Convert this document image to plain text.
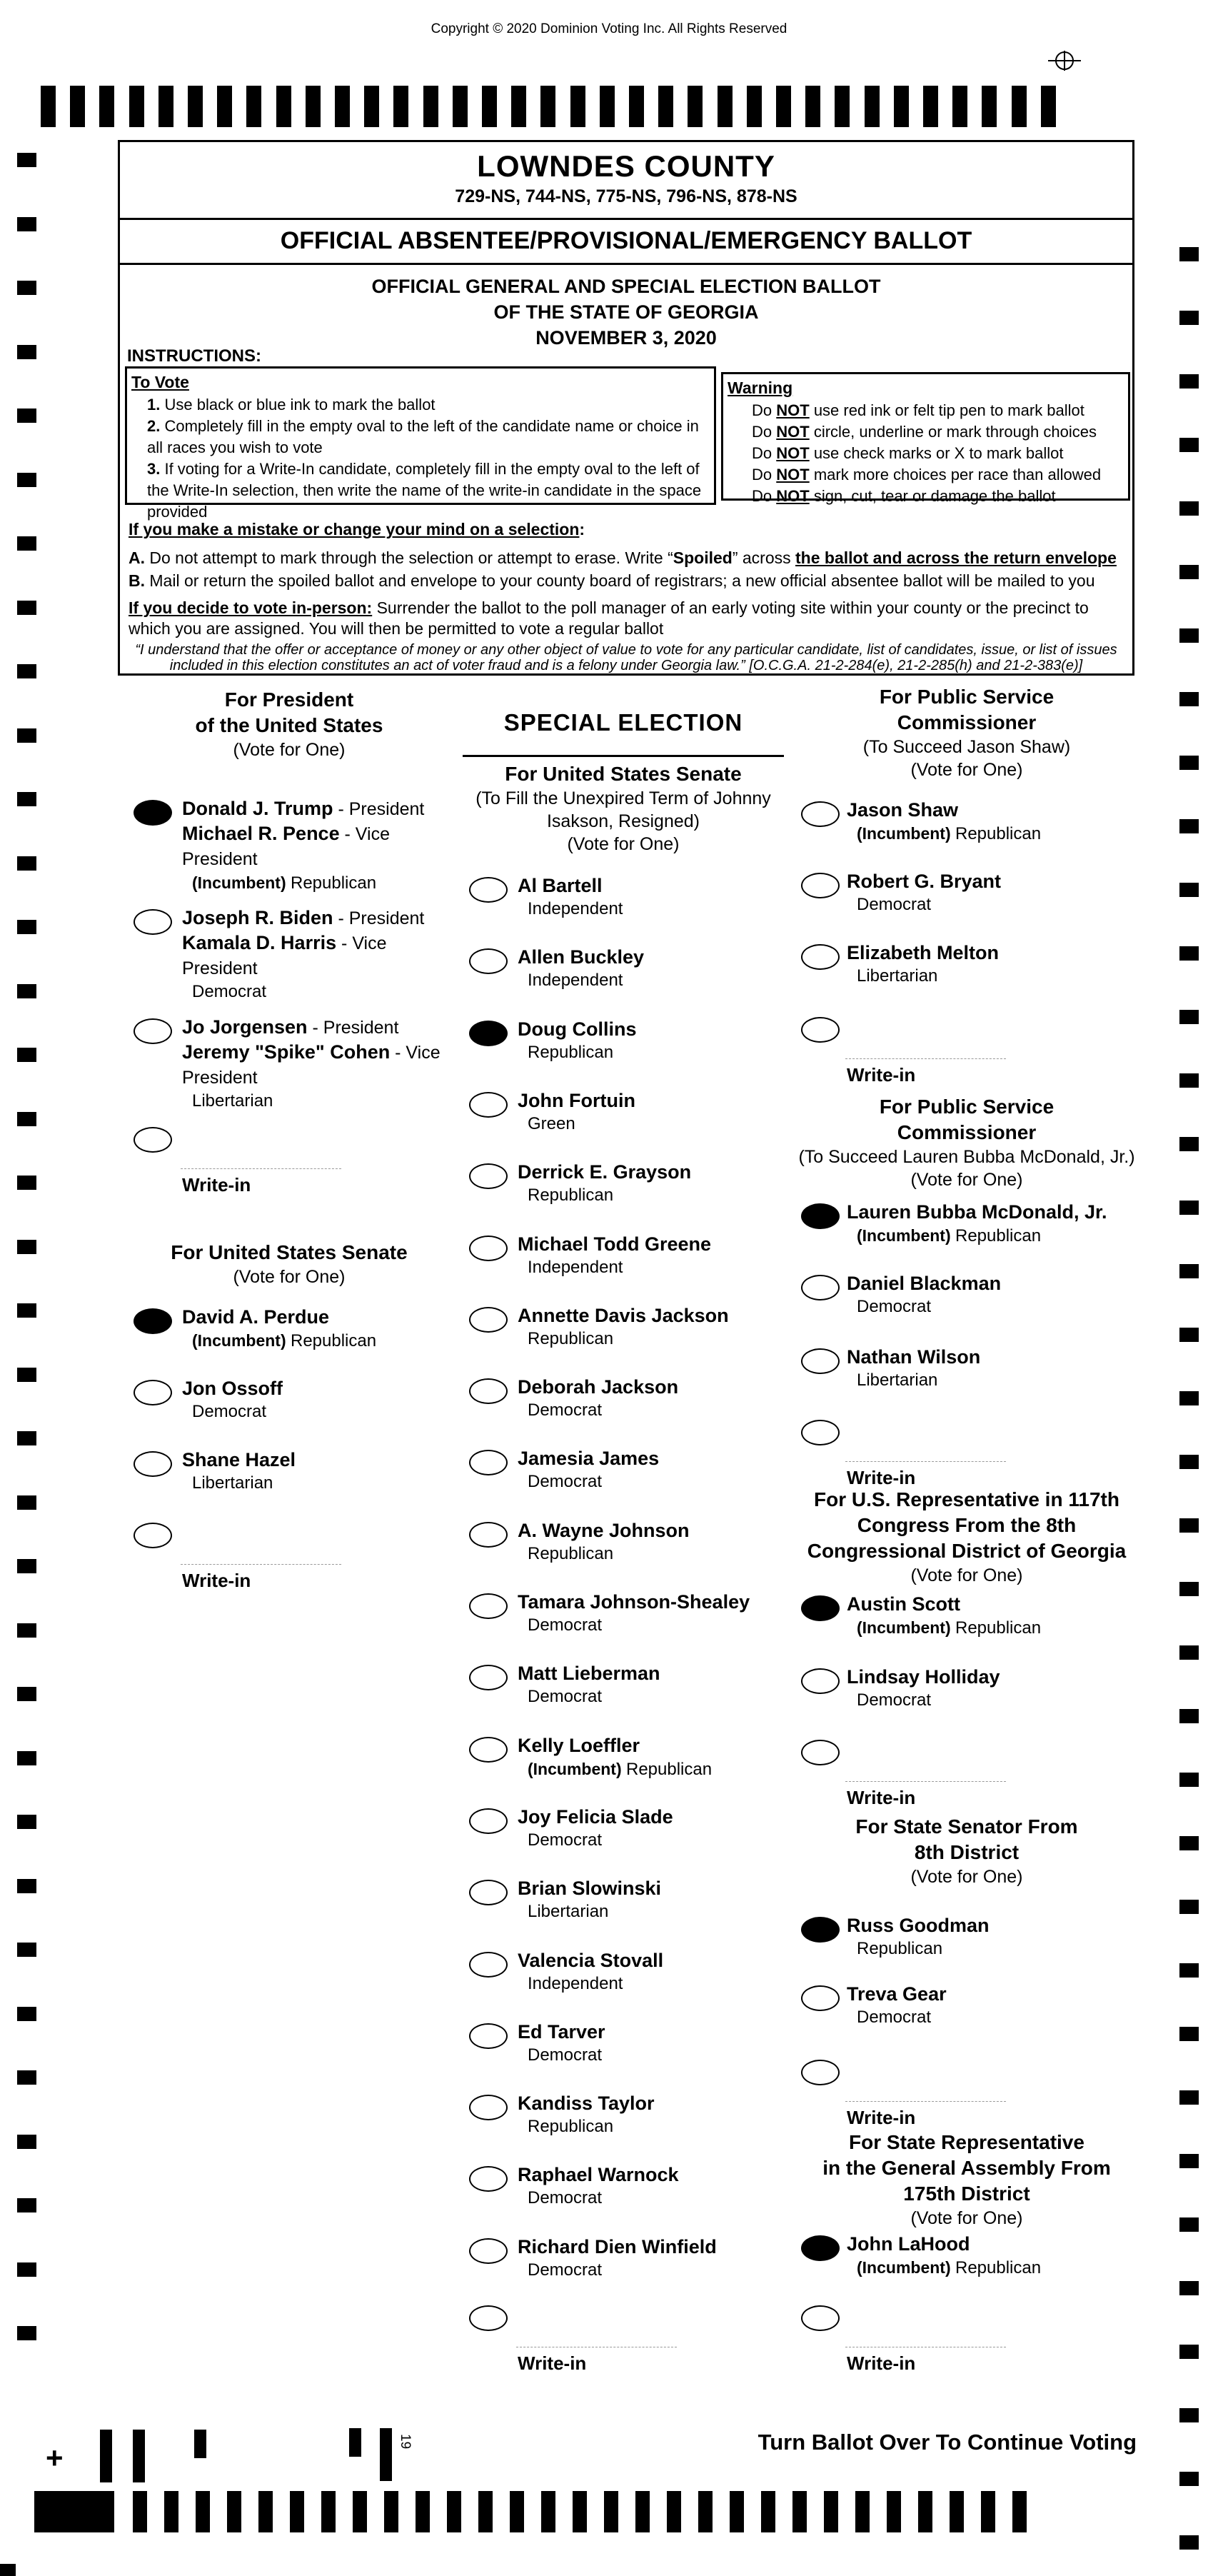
Copyright © 2020 Dominion Voting Inc. All Rights Reserved
LOWNDES COUNTY
729-NS, 744-NS, 775-NS, 796-NS, 878-NS
OFFICIAL ABSENTEE/PROVISIONAL/EMERGENCY BALLOT
OFFICIAL GENERAL AND SPECIAL ELECTION BALLOT
OF THE STATE OF GEORGIA
NOVEMBER 3, 2020
INSTRUCTIONS:
To Vote
1. Use black or blue ink to mark the ballot
2. Completely fill in the empty oval to the left of the candidate name or choice in all races you wish to vote
3. If voting for a Write-In candidate, completely fill in the empty oval to the left of the Write-In selection, then write the name of the write-in candidate in the space provided
Warning
Do NOT use red ink or felt tip pen to mark ballot
Do NOT circle, underline or mark through choices
Do NOT use check marks or X to mark ballot
Do NOT mark more choices per race than allowed
Do NOT sign, cut, tear or damage the ballot
If you make a mistake or change your mind on a selection:
A. Do not attempt to mark through the selection or attempt to erase. Write “Spoiled” across the ballot and across the return envelope
B. Mail or return the spoiled ballot and envelope to your county board of registrars; a new official absentee ballot will be mailed to you
If you decide to vote in-person: Surrender the ballot to the poll manager of an early voting site within your county or the precinct to which you are assigned. You will then be permitted to vote a regular ballot
“I understand that the offer or acceptance of money or any other object of value to vote for any particular candidate, list of candidates, issue, or list of issues included in this election constitutes an act of voter fraud and is a felony under Georgia law.” [O.C.G.A. 21-2-284(e), 21-2-285(h) and 21-2-383(e)]
For President
of the United States
(Vote for One)
Donald J. Trump - President
Michael R. Pence - Vice President
(Incumbent) Republican
Joseph R. Biden - President
Kamala D. Harris - Vice President
Democrat
Jo Jorgensen - President
Jeremy "Spike" Cohen - Vice President
Libertarian
Write-in
For United States Senate
(Vote for One)
David A. Perdue
(Incumbent) Republican
Jon Ossoff
Democrat
Shane Hazel
Libertarian
Write-in
SPECIAL ELECTION
For United States Senate
(To Fill the Unexpired Term of Johnny
Isakson, Resigned)
(Vote for One)
Al Bartell
Independent
Allen Buckley
Independent
Doug Collins
Republican
John Fortuin
Green
Derrick E. Grayson
Republican
Michael Todd Greene
Independent
Annette Davis Jackson
Republican
Deborah Jackson
Democrat
Jamesia James
Democrat
A. Wayne Johnson
Republican
Tamara Johnson-Shealey
Democrat
Matt Lieberman
Democrat
Kelly Loeffler
(Incumbent) Republican
Joy Felicia Slade
Democrat
Brian Slowinski
Libertarian
Valencia Stovall
Independent
Ed Tarver
Democrat
Kandiss Taylor
Republican
Raphael Warnock
Democrat
Richard Dien Winfield
Democrat
Write-in
For Public Service
Commissioner
(To Succeed Jason Shaw)
(Vote for One)
Jason Shaw
(Incumbent) Republican
Robert G. Bryant
Democrat
Elizabeth Melton
Libertarian
Write-in
For Public Service
Commissioner
(To Succeed Lauren Bubba McDonald, Jr.)
(Vote for One)
Lauren Bubba McDonald, Jr.
(Incumbent) Republican
Daniel Blackman
Democrat
Nathan Wilson
Libertarian
Write-in
For U.S. Representative in 117th
Congress From the 8th
Congressional District of Georgia
(Vote for One)
Austin Scott
(Incumbent) Republican
Lindsay Holliday
Democrat
Write-in
For State Senator From
8th District
(Vote for One)
Russ Goodman
Republican
Treva Gear
Democrat
Write-in
For State Representative
in the General Assembly From
175th District
(Vote for One)
John LaHood
(Incumbent) Republican
Write-in
Turn Ballot Over To Continue Voting
+	19
